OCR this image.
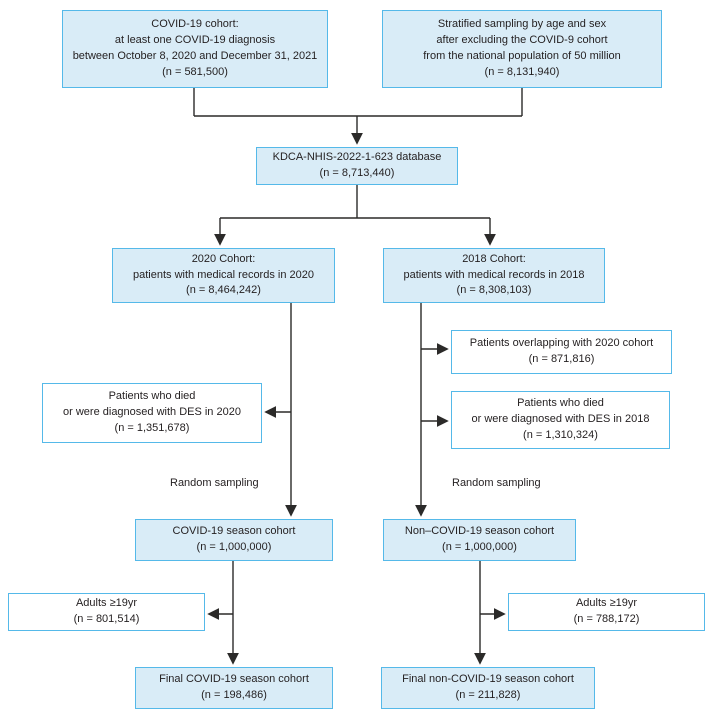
COVID-19 cohort:
at least one COVID-19 diagnosis
between October 8, 2020 and December 31, 2021
(n = 581,500)
Stratified sampling by age and sex
after excluding the COVID-9 cohort
from the national population of 50 million
(n = 8,131,940)
KDCA-NHIS-2022-1-623 database
(n = 8,713,440)
2020 Cohort:
patients with medical records in 2020
(n = 8,464,242)
2018 Cohort:
patients with medical records in 2018
(n = 8,308,103)
Patients overlapping with 2020 cohort
(n = 871,816)
Patients who died
or were diagnosed with DES in 2020
(n = 1,351,678)
Patients who died
or were diagnosed with DES in 2018
(n = 1,310,324)
Random sampling	Random sampling
COVID-19 season cohort
(n = 1,000,000)
Non–COVID-19 season cohort
(n = 1,000,000)
Adults ≥19yr
(n = 801,514)
Adults ≥19yr
(n = 788,172)
Final COVID-19 season cohort
(n = 198,486)
Final non-COVID-19 season cohort
(n = 211,828)
